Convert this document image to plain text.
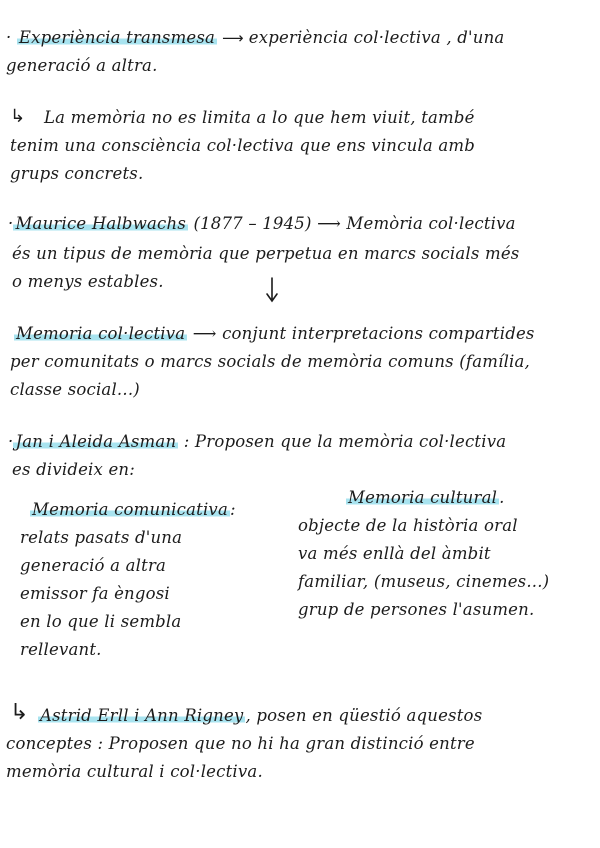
· Experiència transmesa ⟶ experiència col·lectiva , d'una
generació a altra.
↳ La memòria no es limita a lo que hem viuit, també
tenim una consciència col·lectiva que ens vincula amb
grups concrets.
· Maurice Halbwachs (1877 – 1945) ⟶ Memòria col·lectiva
és un tipus de memòria que perpetua en marcs socials més
o menys estables.
Memoria col·lectiva ⟶ conjunt interpretacions compartides
per comunitats o marcs socials de memòria comuns (família,
classe social...)
· Jan i Aleida Asman : Proposen que la memòria col·lectiva
es divideix en:
Memoria comunicativa :
relats pasats d'una
generació a altra
emissor fa èngosi
en lo que li sembla
rellevant.
Memoria cultural .
objecte de la història oral
va més enllà del àmbit
familiar, (museus, cinemes...)
grup de persones l'asumen.
↳ Astrid Erll i Ann Rigney , posen en qüestió aquestos
conceptes : Proposen que no hi ha gran distinció entre
memòria cultural i col·lectiva.
